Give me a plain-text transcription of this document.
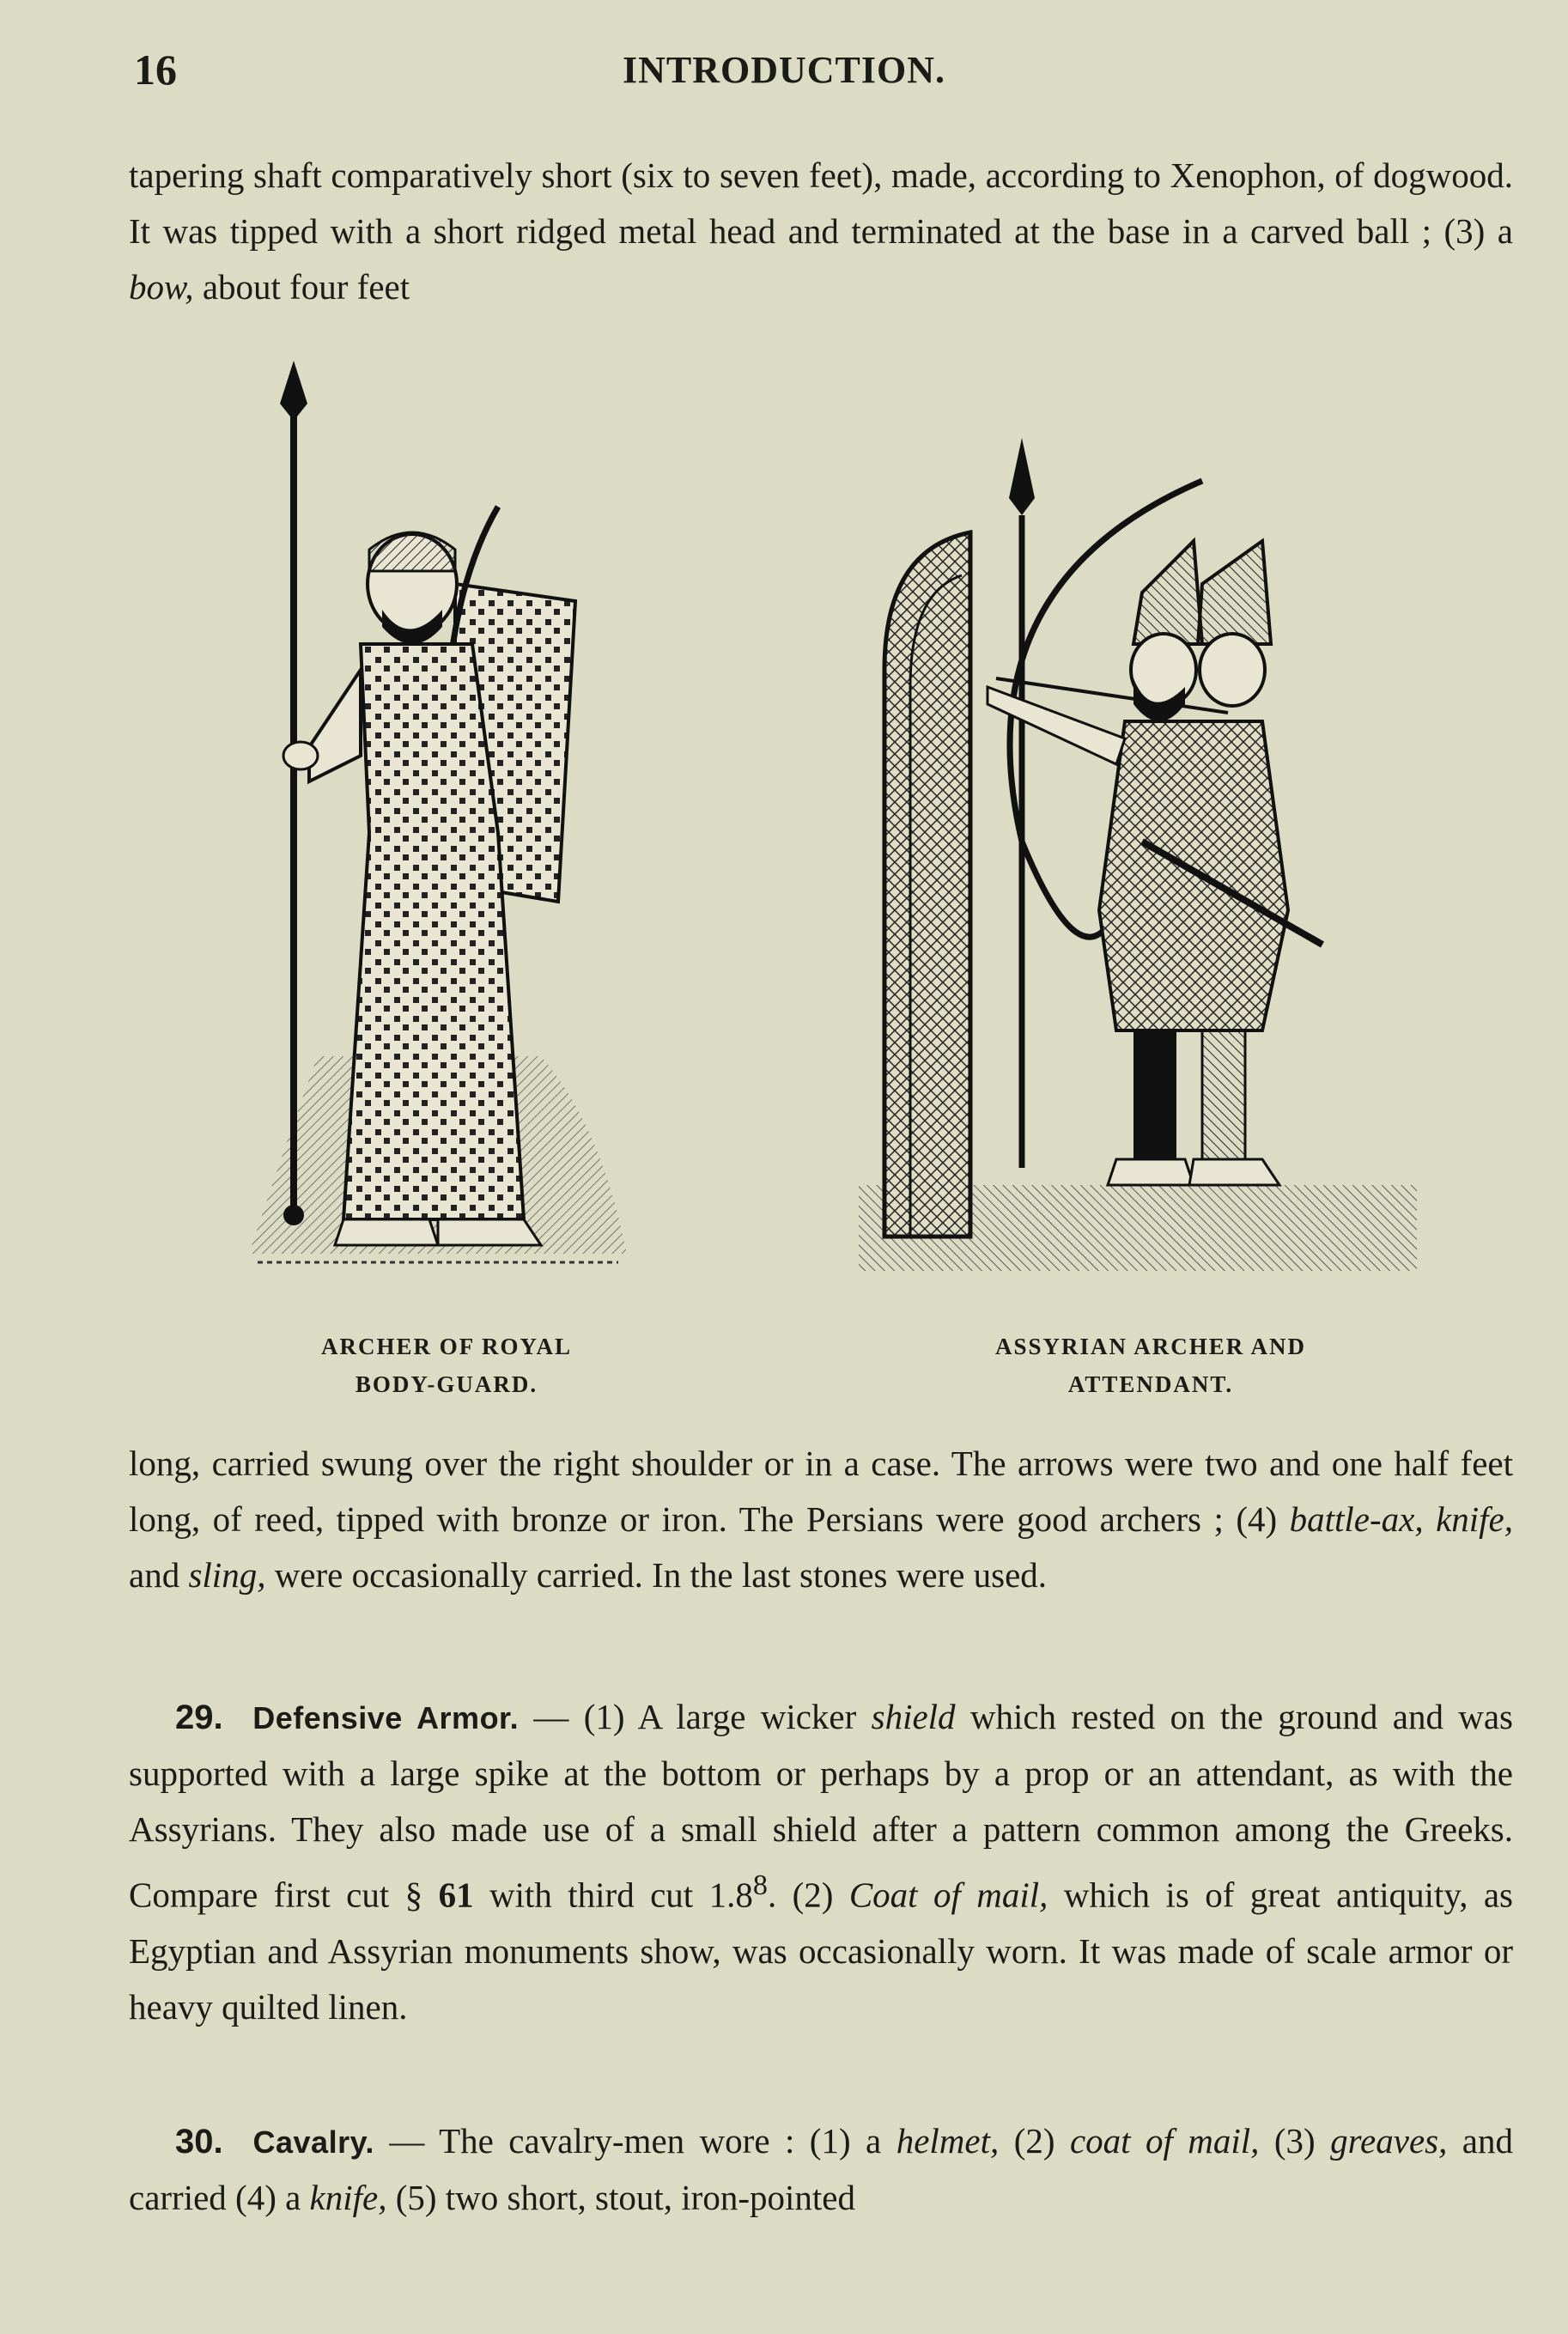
16	INTRODUCTION.

tapering shaft comparatively short (six to seven feet), made, according to Xenophon, of dogwood. It was tipped with a short ridged metal head and terminated at the base in a carved ball ; (3) a bow, about four feet

ARCHER OF ROYAL
BODY-GUARD.
ASSYRIAN ARCHER AND
ATTENDANT.

long, carried swung over the right shoulder or in a case. The arrows were two and one half feet long, of reed, tipped with bronze or iron. The Persians were good archers ; (4) battle-ax, knife, and sling, were occasionally carried. In the last stones were used.

29. Defensive Armor. — (1) A large wicker shield which rested on the ground and was supported with a large spike at the bottom or perhaps by a prop or an attendant, as with the Assyrians. They also made use of a small shield after a pattern common among the Greeks. Compare first cut § 61 with third cut $1.8^8$. (2) Coat of mail, which is of great antiquity, as Egyptian and Assyrian monuments show, was occasionally worn. It was made of scale armor or heavy quilted linen.

30. Cavalry. — The cavalry-men wore : (1) a helmet, (2) coat of mail, (3) greaves, and carried (4) a knife, (5) two short, stout, iron-pointed
